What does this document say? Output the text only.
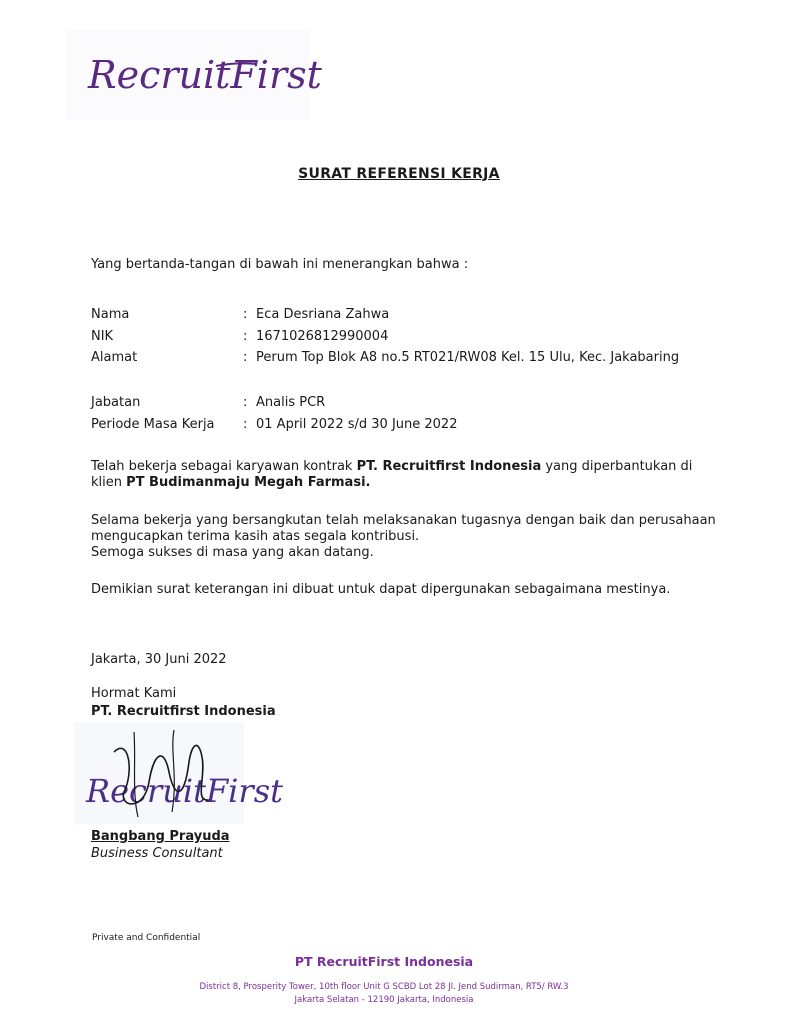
RecruitFirst
SURAT REFERENSI KERJA
Yang bertanda-tangan di bawah ini menerangkan bahwa :
Nama	: Eca Desriana Zahwa
NIK	: 1671026812990004
Alamat	: Perum Top Blok A8 no.5 RT021/RW08 Kel. 15 Ulu, Kec. Jakabaring
Jabatan	: Analis PCR
Periode Masa Kerja : 01 April 2022 s/d 30 June 2022
Telah bekerja sebagai karyawan kontrak PT. Recruitfirst Indonesia yang diperbantukan di
klien PT Budimanmaju Megah Farmasi.
Selama bekerja yang bersangkutan telah melaksanakan tugasnya dengan baik dan perusahaan
mengucapkan terima kasih atas segala kontribusi.
Semoga sukses di masa yang akan datang.
Demikian surat keterangan ini dibuat untuk dapat dipergunakan sebagaimana mestinya.
Jakarta, 30 Juni 2022
Hormat Kami
PT. Recruitfirst Indonesia
RecruitFirst
Bangbang Prayuda
Business Consultant
Private and Confidential
PT RecruitFirst Indonesia
District 8, Prosperity Tower, 10th floor Unit G SCBD Lot 28 Jl. Jend Sudirman, RT5/ RW.3
Jakarta Selatan - 12190 Jakarta, Indonesia
